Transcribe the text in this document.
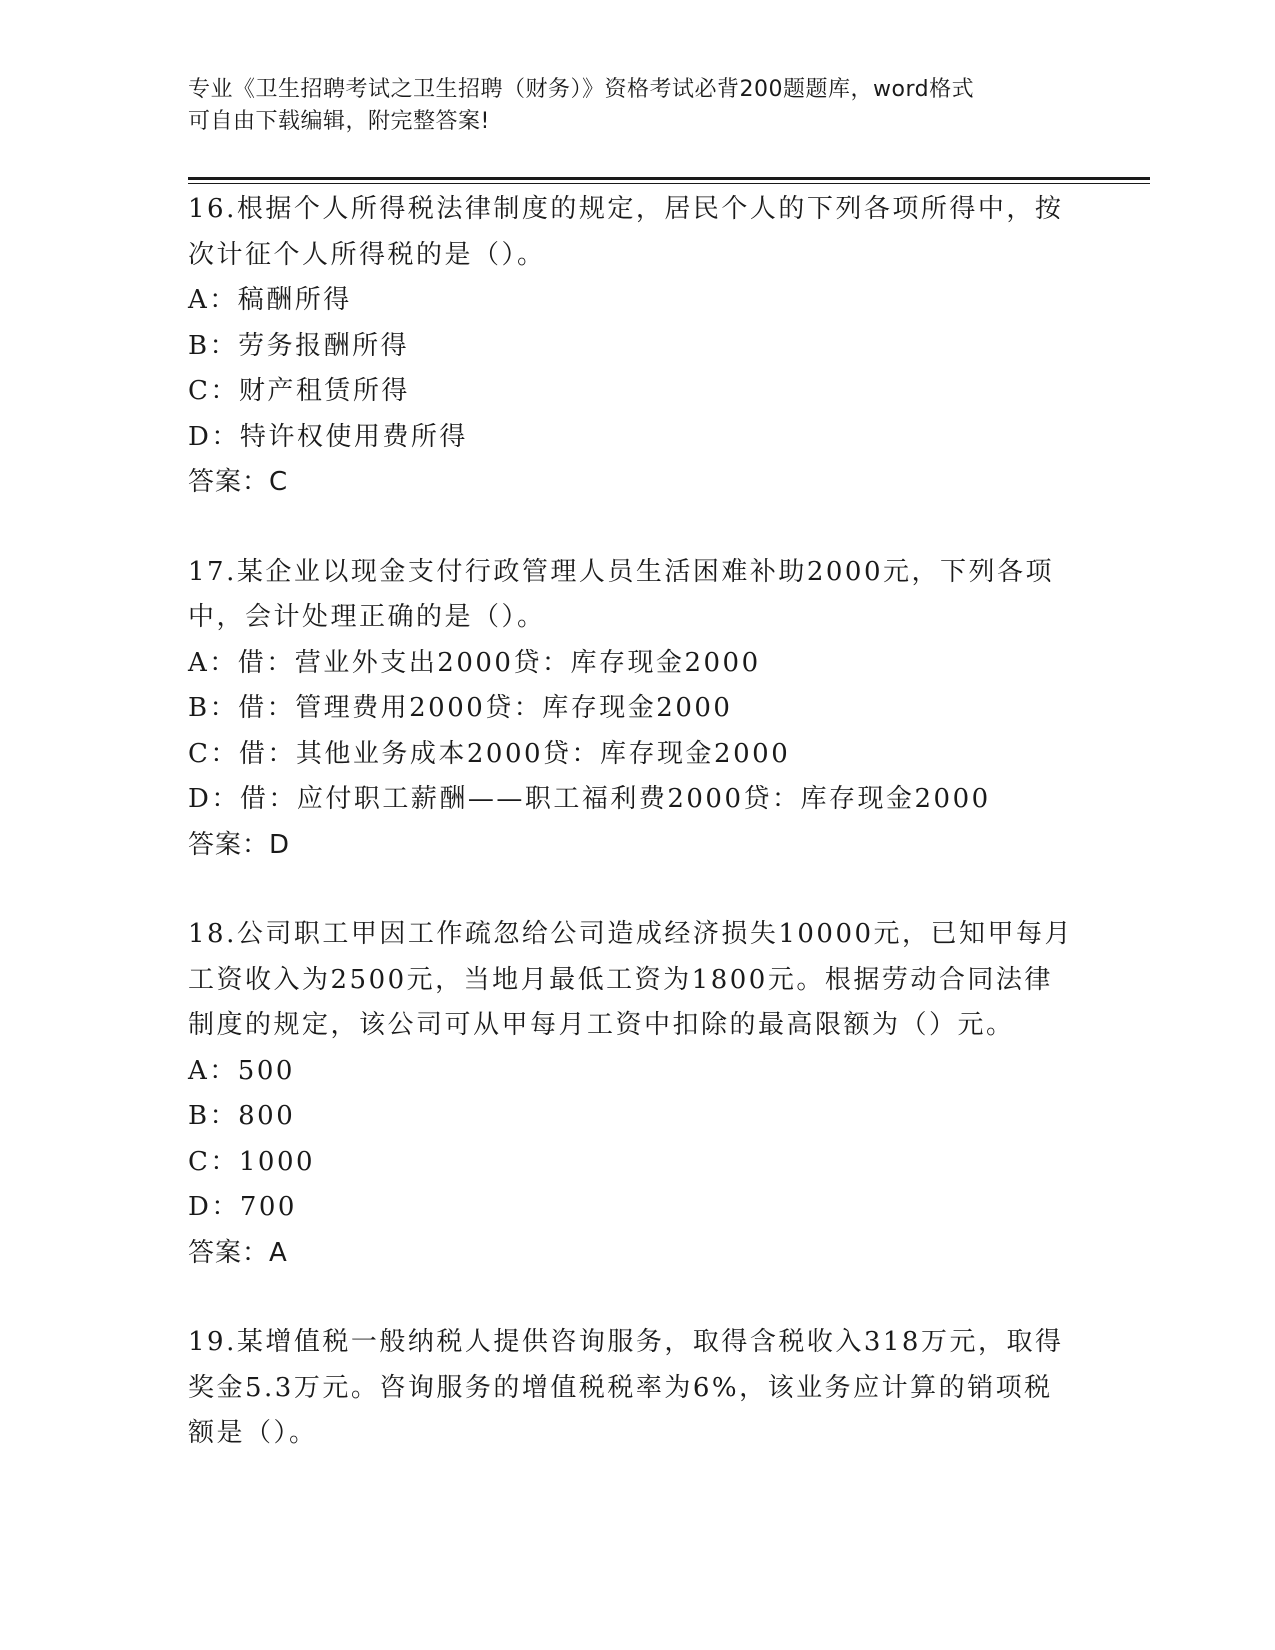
专业《卫生招聘考试之卫生招聘（财务）》资格考试必背200题题库，word格式
可自由下载编辑，附完整答案!
16.根据个人所得税法律制度的规定，居民个人的下列各项所得中，按
次计征个人所得税的是（）。
A：稿酬所得
B：劳务报酬所得
C：财产租赁所得
D：特许权使用费所得
答案：C
17.某企业以现金支付行政管理人员生活困难补助2000元，下列各项
中，会计处理正确的是（）。
A：借：营业外支出2000贷：库存现金2000
B：借：管理费用2000贷：库存现金2000
C：借：其他业务成本2000贷：库存现金2000
D：借：应付职工薪酬——职工福利费2000贷：库存现金2000
答案：D
18.公司职工甲因工作疏忽给公司造成经济损失10000元，已知甲每月
工资收入为2500元，当地月最低工资为1800元。根据劳动合同法律
制度的规定，该公司可从甲每月工资中扣除的最高限额为（）元。
A：500
B：800
C：1000
D：700
答案：A
19.某增值税一般纳税人提供咨询服务，取得含税收入318万元，取得
奖金5.3万元。咨询服务的增值税税率为6%，该业务应计算的销项税
额是（）。
